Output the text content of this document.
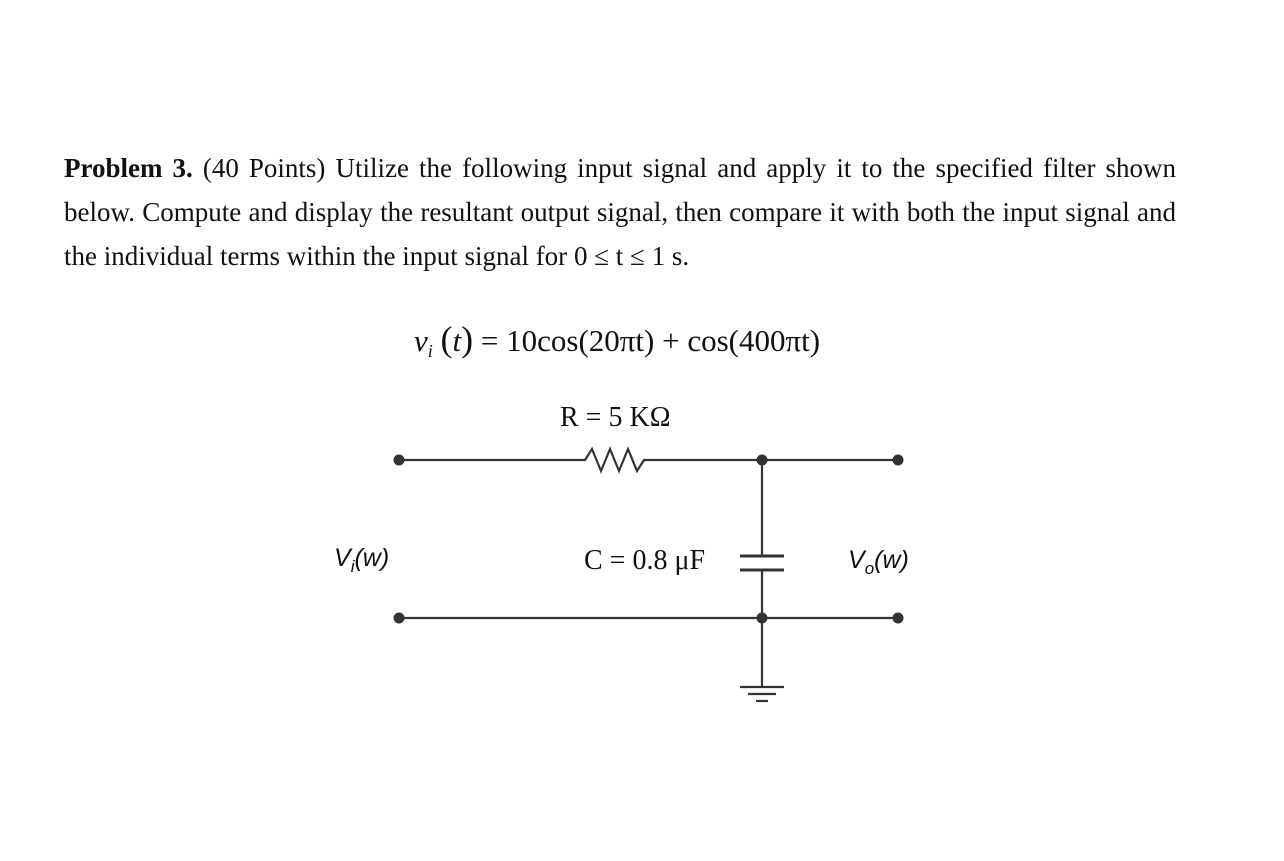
Problem 3. (40 Points) Utilize the following input signal and apply it to the specified filter shown below. Compute and display the resultant output signal, then compare it with both the input signal and the individual terms within the input signal for 0 ≤ t ≤ 1 s.
$v_i$ (t) = 10cos(20πt) + cos(400πt)
R = 5 KΩ
C = 0.8 μF
$V_i(w)$	$V_o(w)$
